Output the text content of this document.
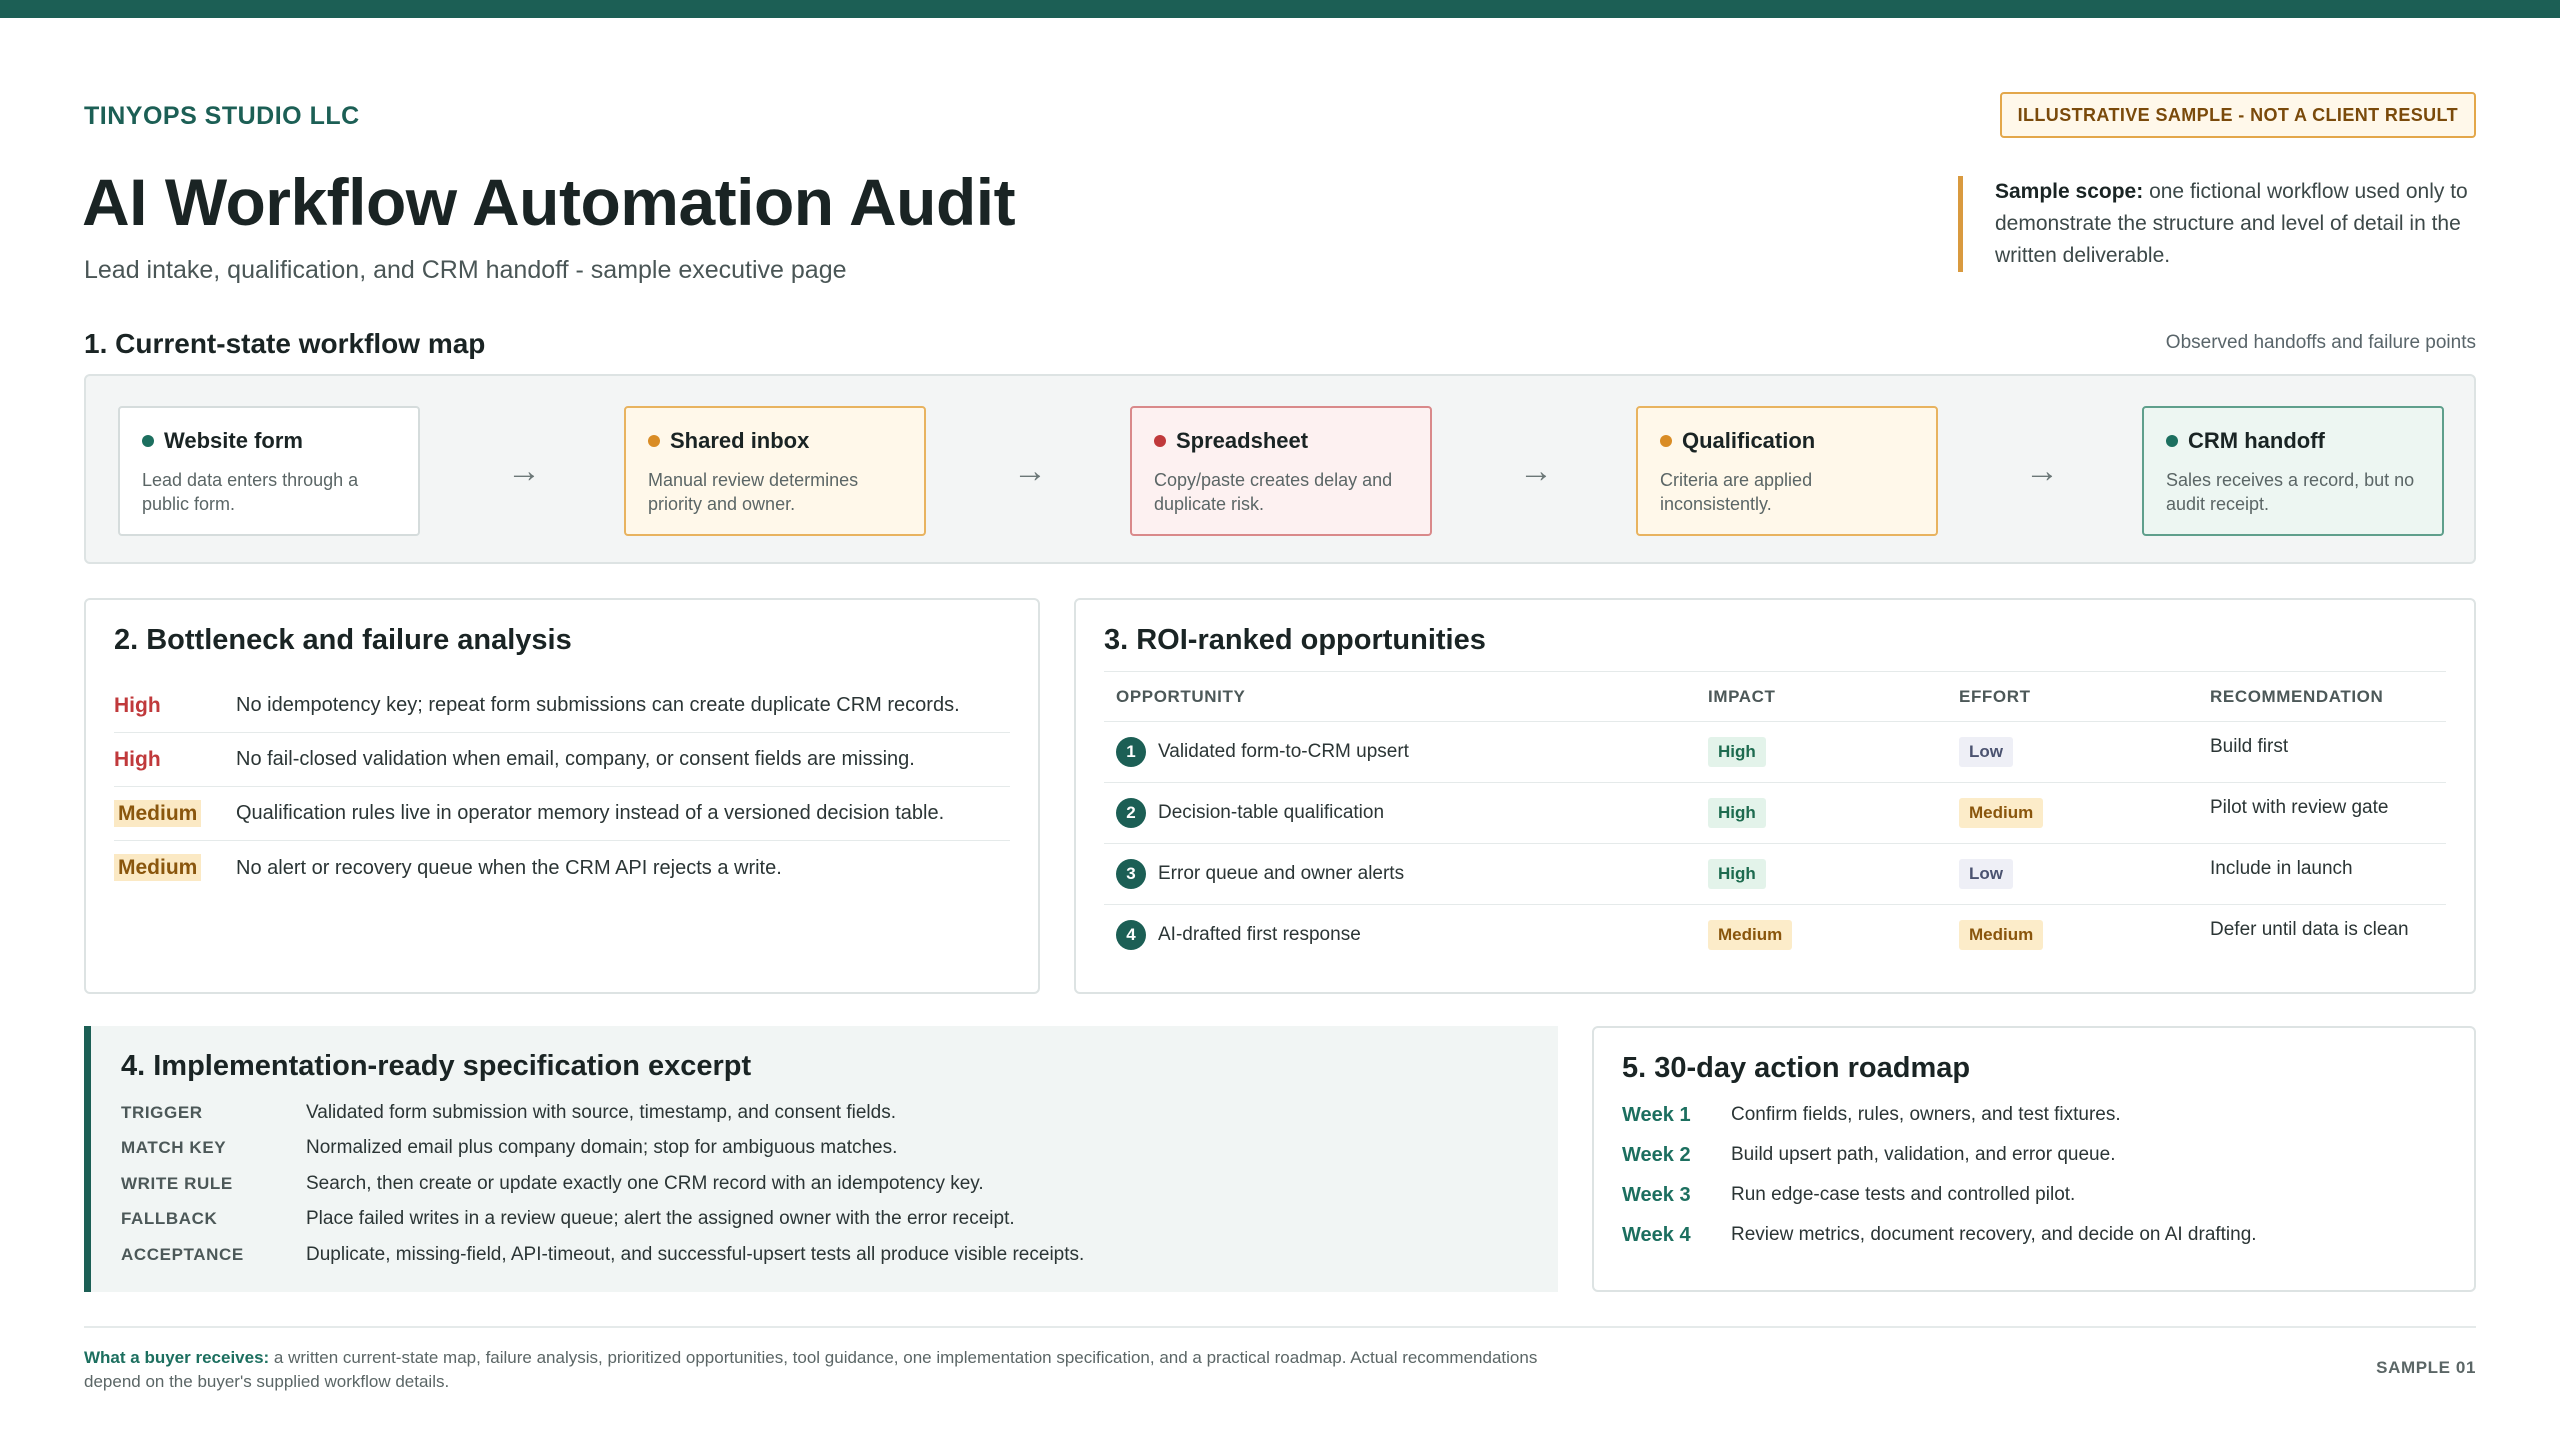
TINYOPS STUDIO LLC	ILLUSTRATIVE SAMPLE - NOT A CLIENT RESULT
AI Workflow Automation Audit
Lead intake, qualification, and CRM handoff - sample executive page
Sample scope: one fictional workflow used only to demonstrate the structure and level of detail in the written deliverable.
1. Current-state workflow map	Observed handoffs and failure points
Website form
Lead data enters through a public form.
→
Shared inbox
Manual review determines priority and owner.
→
Spreadsheet
Copy/paste creates delay and duplicate risk.
→
Qualification
Criteria are applied inconsistently.
→
CRM handoff
Sales receives a record, but no audit receipt.
2. Bottleneck and failure analysis
High	No idempotency key; repeat form submissions can create duplicate CRM records.
High	No fail-closed validation when email, company, or consent fields are missing.
Medium	Qualification rules live in operator memory instead of a versioned decision table.
Medium	No alert or recovery queue when the CRM API rejects a write.
3. ROI-ranked opportunities
OPPORTUNITY	IMPACT	EFFORT	RECOMMENDATION

1 Validated form-to-CRM upsert	High	Low	Build first

2 Decision-table qualification	High	Medium	Pilot with review gate

3 Error queue and owner alerts	High	Low	Include in launch

4 AI-drafted first response	Medium	Medium	Defer until data is clean
4. Implementation-ready specification excerpt
TRIGGER	Validated form submission with source, timestamp, and consent fields.
MATCH KEY	Normalized email plus company domain; stop for ambiguous matches.
WRITE RULE	Search, then create or update exactly one CRM record with an idempotency key.
FALLBACK	Place failed writes in a review queue; alert the assigned owner with the error receipt.
ACCEPTANCE	Duplicate, missing-field, API-timeout, and successful-upsert tests all produce visible receipts.
5. 30-day action roadmap
Week 1	Confirm fields, rules, owners, and test fixtures.
Week 2	Build upsert path, validation, and error queue.
Week 3	Run edge-case tests and controlled pilot.
Week 4	Review metrics, document recovery, and decide on AI drafting.
What a buyer receives: a written current-state map, failure analysis, prioritized opportunities, tool guidance, one implementation specification, and a practical roadmap. Actual recommendations depend on the buyer's supplied workflow details.
SAMPLE 01
